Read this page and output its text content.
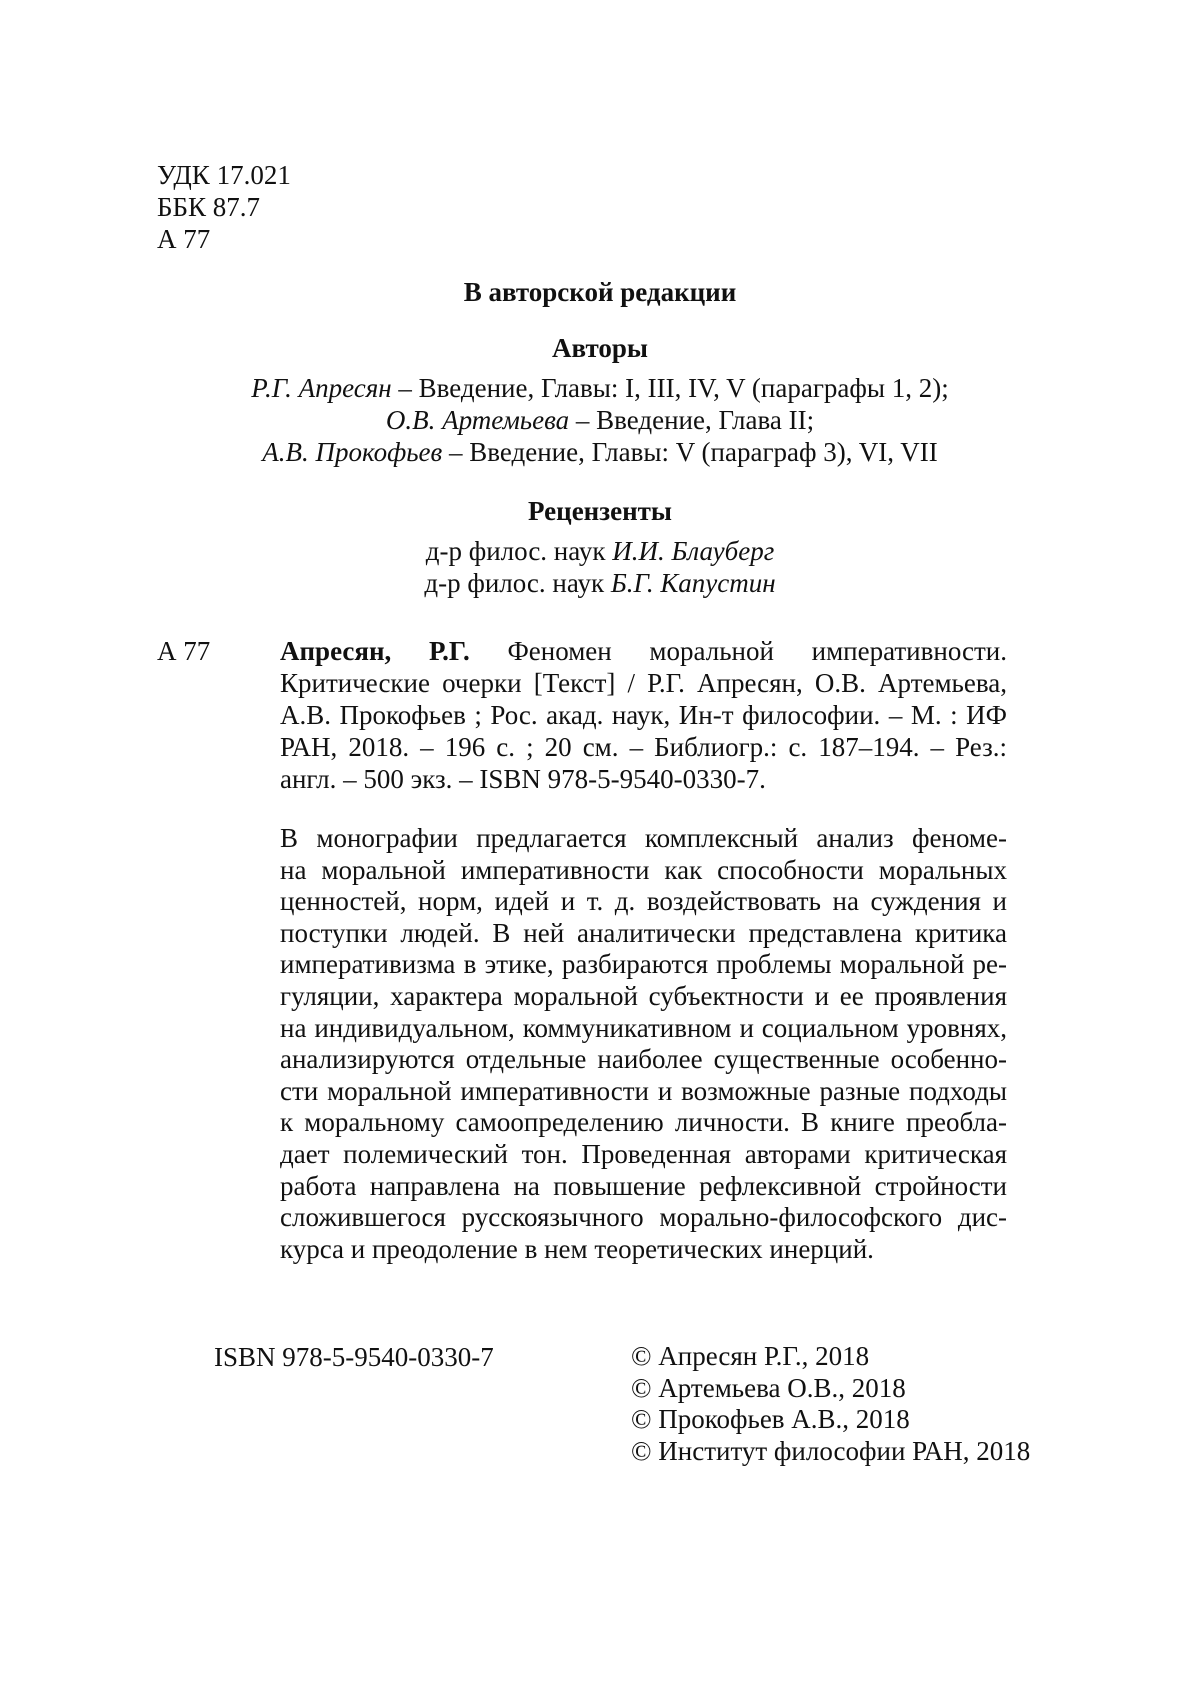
УДК 17.021
ББК 87.7
А 77
В авторской редакции
Авторы
Р.Г. Апресян – Введение, Главы: I, III, IV, V (параграфы 1, 2);
О.В. Артемьева – Введение, Глава II;
А.В. Прокофьев – Введение, Главы: V (параграф 3), VI, VII
Рецензенты
д-р филос. наук И.И. Блауберг
д-р филос. наук Б.Г. Капустин
А 77	Апресян, Р.Г. Феномен моральной императивности. Критические очерки [Текст] / Р.Г. Апресян, О.В. Артемьева, А.В. Прокофьев ; Рос. акад. наук, Ин-т философии. – М. : ИФ РАН, 2018. – 196 с. ; 20 см. – Библиогр.: с. 187–194. – Рез.: англ. – 500 экз. – ISBN 978-5-9540-0330-7.
В монографии предлагается комплексный анализ феноме-
на моральной императивности как способности моральных
ценностей, норм, идей и т. д. воздействовать на суждения и
поступки людей. В ней аналитически представлена критика
императивизма в этике, разбираются проблемы моральной ре-
гуляции, характера моральной субъектности и ее проявления
на индивидуальном, коммуникативном и социальном уровнях,
анализируются отдельные наиболее существенные особенно-
сти моральной императивности и возможные разные подходы
к моральному самоопределению личности. В книге преобла-
дает полемический тон. Проведенная авторами критическая
работа направлена на повышение рефлексивной стройности
сложившегося русскоязычного морально-философского дис-
курса и преодоление в нем теоретических инерций.
ISBN 978-5-9540-0330-7	© Апресян Р.Г., 2018
© Артемьева О.В., 2018
© Прокофьев А.В., 2018
© Институт философии РАН, 2018
